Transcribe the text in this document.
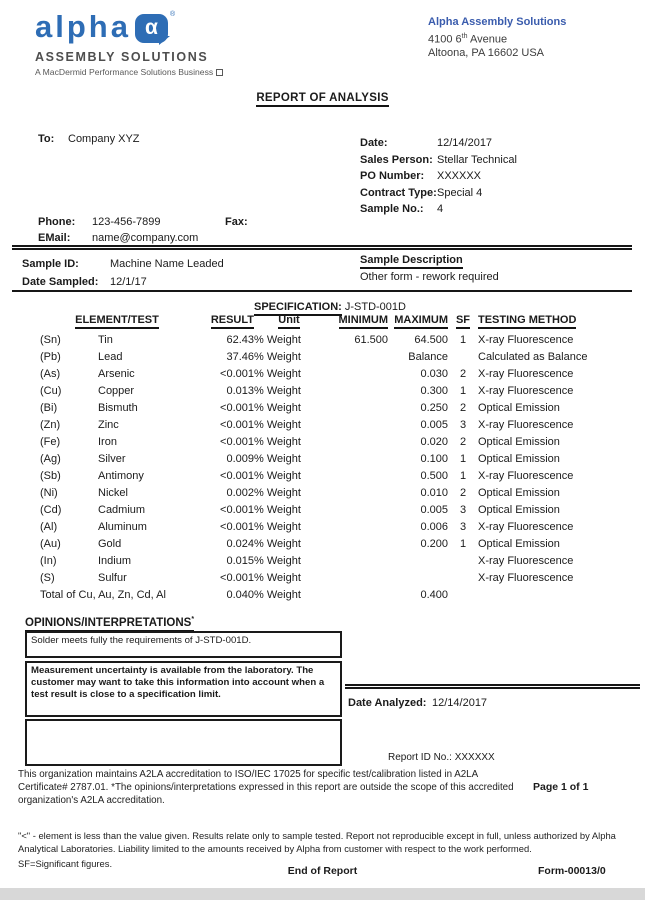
alpha α
®
ASSEMBLY SOLUTIONS
A MacDermid Performance Solutions Business
Alpha Assembly Solutions
4100 6th Avenue
Altoona, PA 16602 USA
REPORT OF ANALYSIS
To: Company XYZ	Date:	12/14/2017
Sales Person: Stellar Technical
PO Number: XXXXXX
Contract Type:Special 4
Sample No.: 4
Phone: 123-456-7899	Fax:
EMail: name@company.com
Sample ID:	Machine Name Leaded
Date Sampled: 12/1/17
Sample Description
Other form - rework required
SPECIFICATION: J-STD-001D
ELEMENT/TEST		RESULT	Unit	MINIMUM	MAXIMUM	SF	TESTING METHOD
(Sn)	Tin	62.43	% Weight	61.500	64.500	1	X-ray Fluorescence
(Pb)	Lead	37.46	% Weight		Balance		Calculated as Balance
(As)	Arsenic	<0.001	% Weight		0.030	2	X-ray Fluorescence
(Cu)	Copper	0.013	% Weight		0.300	1	X-ray Fluorescence
(Bi)	Bismuth	<0.001	% Weight		0.250	2	Optical Emission
(Zn)	Zinc	<0.001	% Weight		0.005	3	X-ray Fluorescence
(Fe)	Iron	<0.001	% Weight		0.020	2	Optical Emission
(Ag)	Silver	0.009	% Weight		0.100	1	Optical Emission
(Sb)	Antimony	<0.001	% Weight		0.500	1	X-ray Fluorescence
(Ni)	Nickel	0.002	% Weight		0.010	2	Optical Emission
(Cd)	Cadmium	<0.001	% Weight		0.005	3	Optical Emission
(Al)	Aluminum	<0.001	% Weight		0.006	3	X-ray Fluorescence
(Au)	Gold	0.024	% Weight		0.200	1	Optical Emission
(In)	Indium	0.015	% Weight				X-ray Fluorescence
(S)	Sulfur	<0.001	% Weight				X-ray Fluorescence
Total of Cu, Au, Zn, Cd, Al		0.040	% Weight		0.400		
OPINIONS/INTERPRETATIONS*
Solder meets fully the requirements of J-STD-001D.
Measurement uncertainty is available from the laboratory. The customer may want to take this information into account when a test result is close to a specification limit.
Date Analyzed: 12/14/2017
Report ID No.: XXXXXX
This organization maintains A2LA accreditation to ISO/IEC 17025 for specific test/calibration listed in A2LA Certificate# 2787.01. *The opinions/interpretations expressed in this report are outside the scope of this accredited organization's A2LA accreditation.
Page 1 of 1
"<" - element is less than the value given. Results relate only to sample tested. Report not reproducible except in full, unless authorized by Alpha Analytical Laboratories. Liability limited to the amounts received by Alpha from customer with respect to the work performed.
SF=Significant figures.
End of Report	Form-00013/0
